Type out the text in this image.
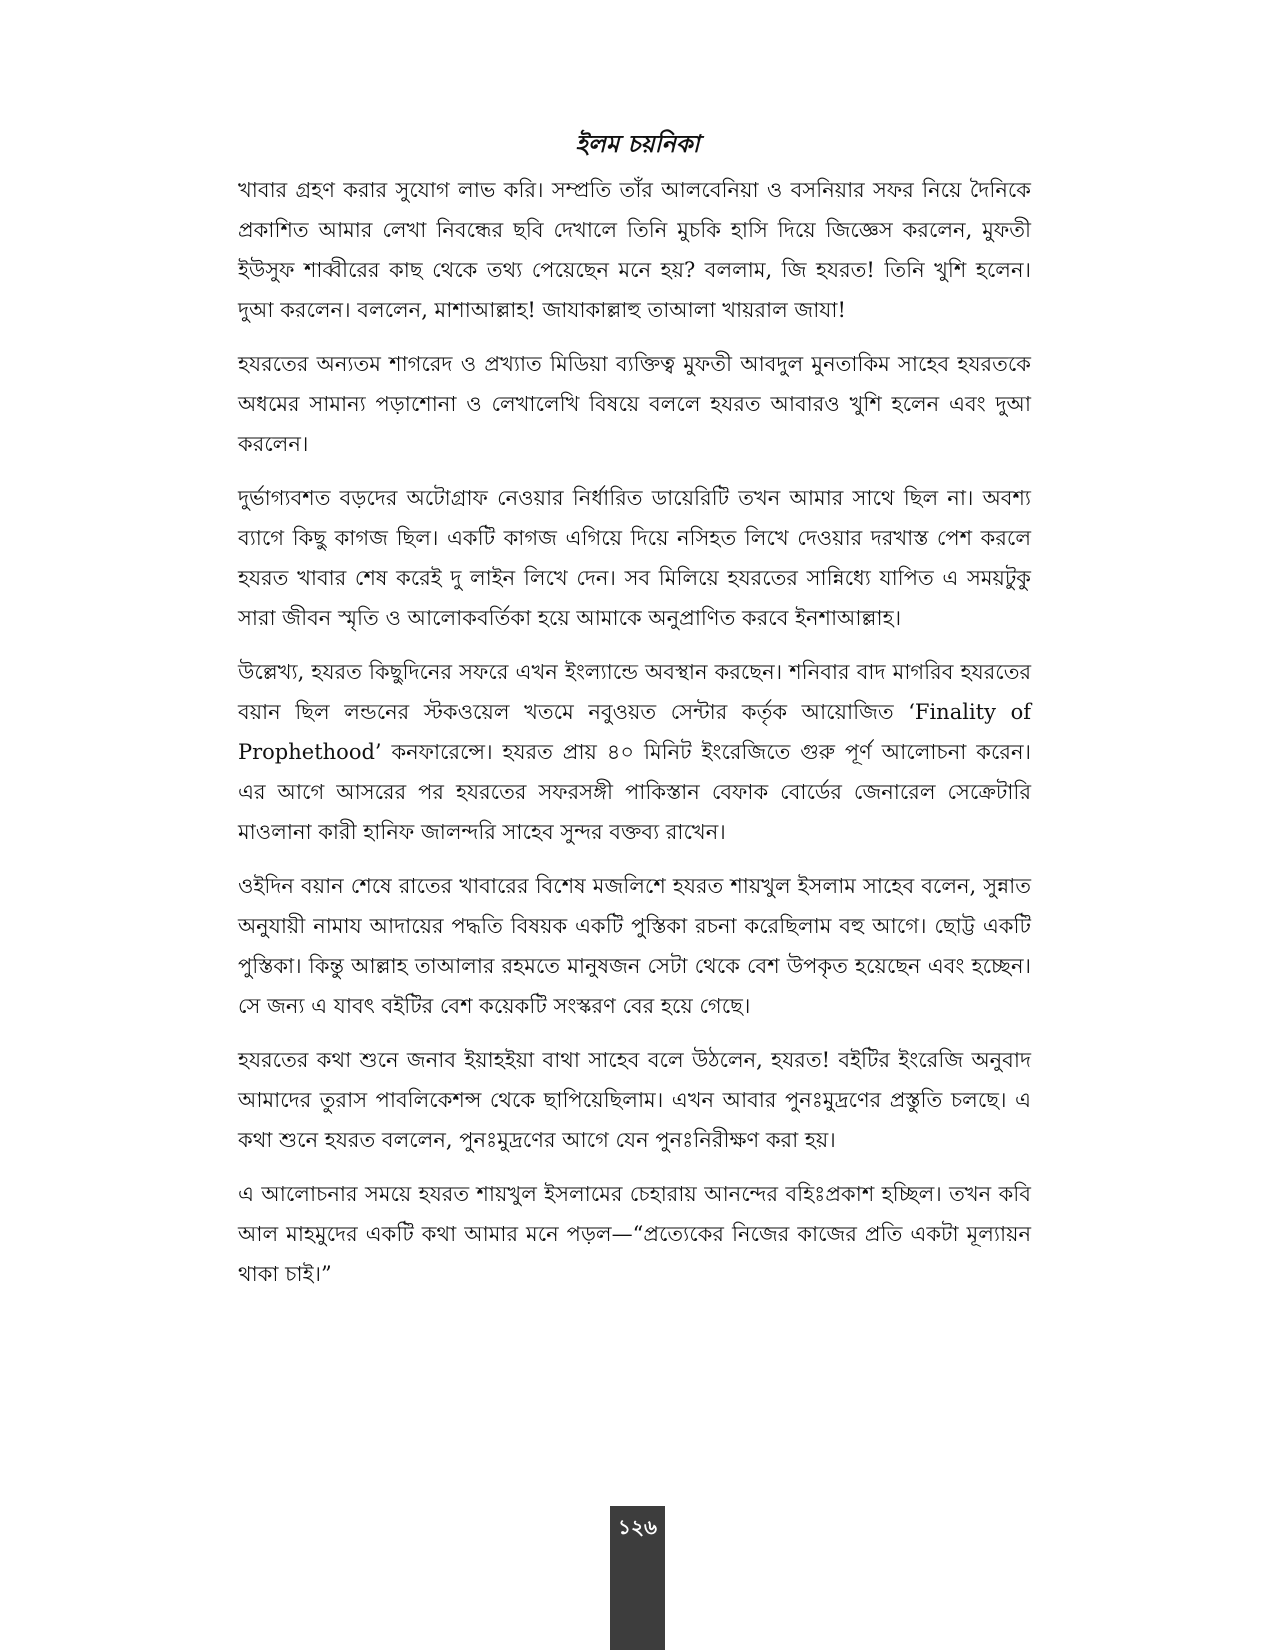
ইলম চয়নিকা

খাবার গ্রহণ করার সুযোগ লাভ করি। সম্প্রতি তাঁর আলবেনিয়া ও বসনিয়ার সফর নিয়ে দৈনিকে প্রকাশিত আমার লেখা নিবন্ধের ছবি দেখালে তিনি মুচকি হাসি দিয়ে জিজ্ঞেস করলেন, মুফতী ইউসুফ শাব্বীরের কাছ থেকে তথ্য পেয়েছেন মনে হয়? বললাম, জি হযরত! তিনি খুশি হলেন। দুআ করলেন। বললেন, মাশাআল্লাহ! জাযাকাল্লাহু তাআলা খায়রাল জাযা!

হযরতের অন্যতম শাগরেদ ও প্রখ্যাত মিডিয়া ব্যক্তিত্ব মুফতী আবদুল মুনতাকিম সাহেব হযরতকে অধমের সামান্য পড়াশোনা ও লেখালেখি বিষয়ে বললে হযরত আবারও খুশি হলেন এবং দুআ করলেন।

দুর্ভাগ্যবশত বড়দের অটোগ্রাফ নেওয়ার নির্ধারিত ডায়েরিটি তখন আমার সাথে ছিল না। অবশ্য ব্যাগে কিছু কাগজ ছিল। একটি কাগজ এগিয়ে দিয়ে নসিহত লিখে দেওয়ার দরখাস্ত পেশ করলে হযরত খাবার শেষ করেই দু লাইন লিখে দেন। সব মিলিয়ে হযরতের সান্নিধ্যে যাপিত এ সময়টুকু সারা জীবন স্মৃতি ও আলোকবর্তিকা হয়ে আমাকে অনুপ্রাণিত করবে ইনশাআল্লাহ।

উল্লেখ্য, হযরত কিছুদিনের সফরে এখন ইংল্যান্ডে অবস্থান করছেন। শনিবার বাদ মাগরিব হযরতের বয়ান ছিল লন্ডনের স্টকওয়েল খতমে নবুওয়ত সেন্টার কর্তৃক আয়োজিত ‘Finality of Prophethood’ কনফারেন্সে। হযরত প্রায় ৪০ মিনিট ইংরেজিতে গুরু পূর্ণ আলোচনা করেন। এর আগে আসরের পর হযরতের সফরসঙ্গী পাকিস্তান বেফাক বোর্ডের জেনারেল সেক্রেটারি মাওলানা কারী হানিফ জালন্দরি সাহেব সুন্দর বক্তব্য রাখেন।

ওইদিন বয়ান শেষে রাতের খাবারের বিশেষ মজলিশে হযরত শায়খুল ইসলাম সাহেব বলেন, সুন্নাত অনুযায়ী নামায আদায়ের পদ্ধতি বিষয়ক একটি পুস্তিকা রচনা করেছিলাম বহু আগে। ছোট্ট একটি পুস্তিকা। কিন্তু আল্লাহ তাআলার রহমতে মানুষজন সেটা থেকে বেশ উপকৃত হয়েছেন এবং হচ্ছেন। সে জন্য এ যাবৎ বইটির বেশ কয়েকটি সংস্করণ বের হয়ে গেছে।

হযরতের কথা শুনে জনাব ইয়াহইয়া বাথা সাহেব বলে উঠলেন, হযরত! বইটির ইংরেজি অনুবাদ আমাদের তুরাস পাবলিকেশন্স থেকে ছাপিয়েছিলাম। এখন আবার পুনঃমুদ্রণের প্রস্তুতি চলছে। এ কথা শুনে হযরত বললেন, পুনঃমুদ্রণের আগে যেন পুনঃনিরীক্ষণ করা হয়।

এ আলোচনার সময়ে হযরত শায়খুল ইসলামের চেহারায় আনন্দের বহিঃপ্রকাশ হচ্ছিল। তখন কবি আল মাহমুদের একটি কথা আমার মনে পড়ল—“প্রত্যেকের নিজের কাজের প্রতি একটা মূল্যায়ন থাকা চাই।”

১২৬
